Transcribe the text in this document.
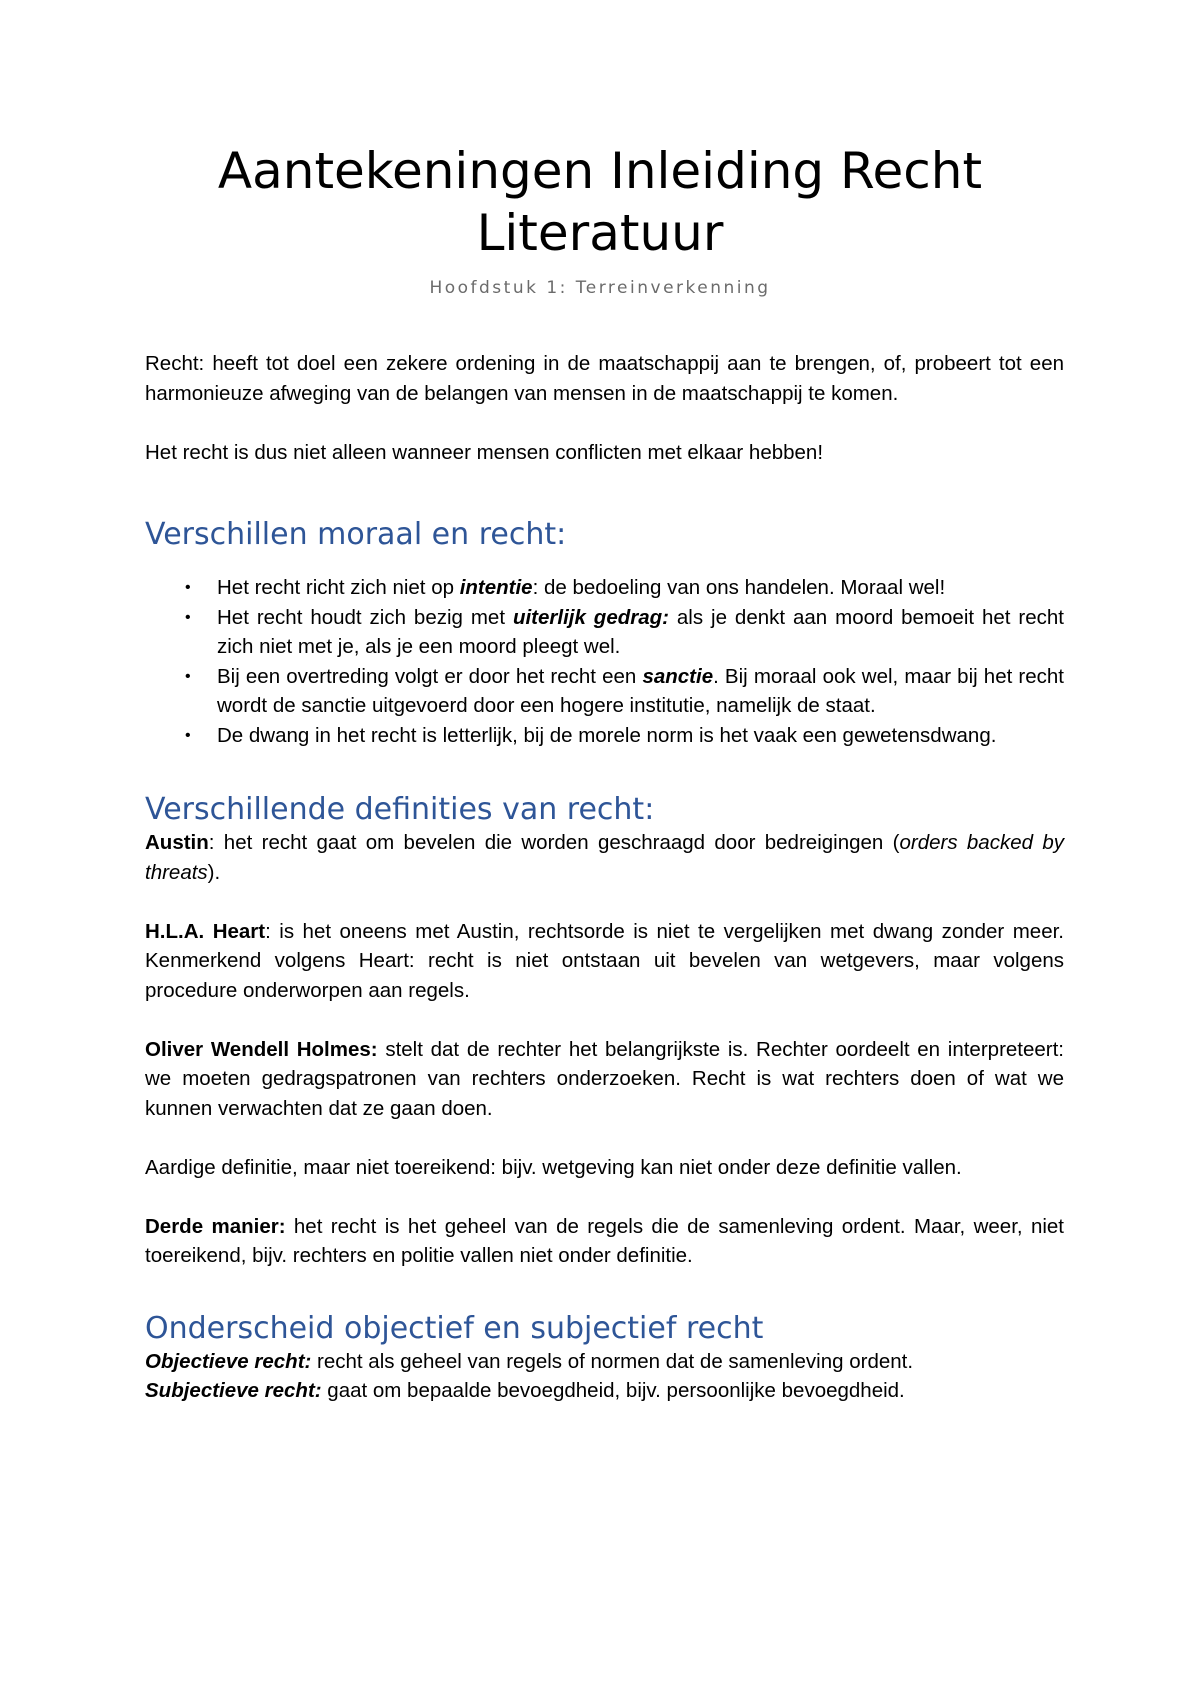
Aantekeningen Inleiding Recht
Literatuur
Hoofdstuk 1: Terreinverkenning

Recht: heeft tot doel een zekere ordening in de maatschappij aan te brengen, of, probeert tot een harmonieuze afweging van de belangen van mensen in de maatschappij te komen.

Het recht is dus niet alleen wanneer mensen conflicten met elkaar hebben!

Verschillen moraal en recht:
• Het recht richt zich niet op intentie: de bedoeling van ons handelen. Moraal wel!
• Het recht houdt zich bezig met uiterlijk gedrag: als je denkt aan moord bemoeit het recht zich niet met je, als je een moord pleegt wel.
• Bij een overtreding volgt er door het recht een sanctie. Bij moraal ook wel, maar bij het recht wordt de sanctie uitgevoerd door een hogere institutie, namelijk de staat.
• De dwang in het recht is letterlijk, bij de morele norm is het vaak een gewetensdwang.
Verschillende definities van recht:

Austin: het recht gaat om bevelen die worden geschraagd door bedreigingen (orders backed by threats).

H.L.A. Heart: is het oneens met Austin, rechtsorde is niet te vergelijken met dwang zonder meer. Kenmerkend volgens Heart: recht is niet ontstaan uit bevelen van wetgevers, maar volgens procedure onderworpen aan regels.

Oliver Wendell Holmes: stelt dat de rechter het belangrijkste is. Rechter oordeelt en interpreteert: we moeten gedragspatronen van rechters onderzoeken. Recht is wat rechters doen of wat we kunnen verwachten dat ze gaan doen.

Aardige definitie, maar niet toereikend: bijv. wetgeving kan niet onder deze definitie vallen.

Derde manier: het recht is het geheel van de regels die de samenleving ordent. Maar, weer, niet toereikend, bijv. rechters en politie vallen niet onder definitie.

Onderscheid objectief en subjectief recht

Objectieve recht: recht als geheel van regels of normen dat de samenleving ordent.

Subjectieve recht: gaat om bepaalde bevoegdheid, bijv. persoonlijke bevoegdheid.
